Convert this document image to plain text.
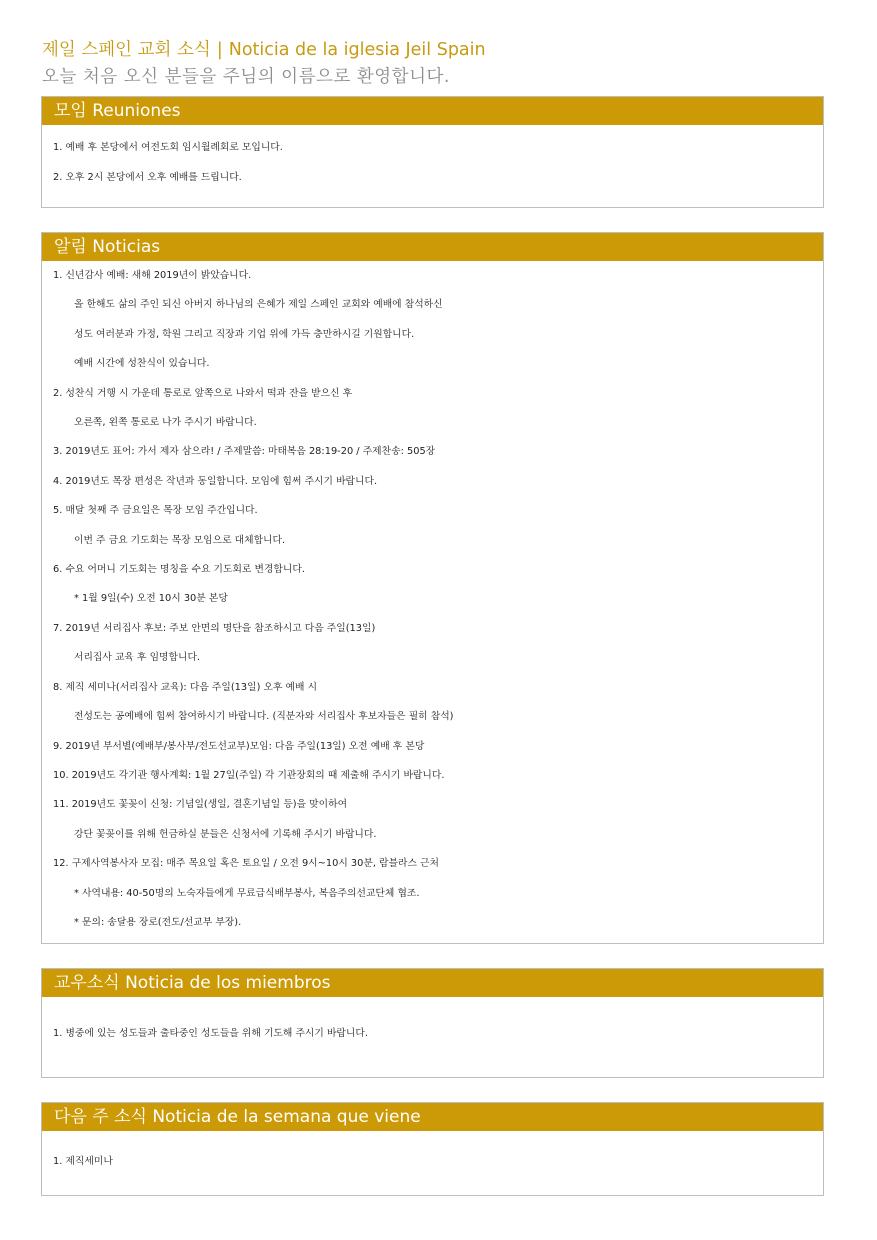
제일 스페인 교회 소식 | Noticia de la iglesia Jeil Spain
오늘 처음 오신 분들을 주님의 이름으로 환영합니다.
모임 Reuniones
1. 예배 후 본당에서 여전도회 임시월례회로 모입니다.
2. 오후 2시 본당에서 오후 예배를 드립니다.
알림 Noticias
1. 신년감사 예배: 새해 2019년이 밝았습니다.
올 한해도 삶의 주인 되신 아버지 하나님의 은혜가 제일 스페인 교회와 예배에 참석하신
성도 여러분과 가정, 학원 그리고 직장과 기업 위에 가득 충만하시길 기원합니다.
예배 시간에 성찬식이 있습니다.
2. 성찬식 거행 시 가운데 통로로 앞쪽으로 나와서 떡과 잔을 받으신 후
오른쪽, 왼쪽 통로로 나가 주시기 바랍니다.
3. 2019년도 표어: 가서 제자 삼으라! / 주제말씀: 마태복음 28:19-20 / 주제찬송: 505장
4. 2019년도 목장 편성은 작년과 동일합니다. 모임에 힘써 주시기 바랍니다.
5. 매달 첫째 주 금요일은 목장 모임 주간입니다.
이번 주 금요 기도회는 목장 모임으로 대체합니다.
6. 수요 어머니 기도회는 명칭을 수요 기도회로 변경합니다.
* 1월 9일(수) 오전 10시 30분 본당
7. 2019년 서리집사 후보: 주보 안면의 명단을 참조하시고 다음 주일(13일)
서리집사 교육 후 임명합니다.
8. 제직 세미나(서리집사 교육): 다음 주일(13일) 오후 예배 시
전성도는 공예배에 힘써 참여하시기 바랍니다. (직분자와 서리집사 후보자들은 필히 참석)
9. 2019년 부서별(예배부/봉사부/전도선교부)모임: 다음 주일(13일) 오전 예배 후 본당
10. 2019년도 각기관 행사계획: 1월 27일(주일) 각 기관장회의 때 제출해 주시기 바랍니다.
11. 2019년도 꽃꽂이 신청: 기념일(생일, 결혼기념일 등)을 맞이하여
강단 꽃꽂이를 위해 헌금하실 분들은 신청서에 기록해 주시기 바랍니다.
12. 구제사역봉사자 모집: 매주 목요일 혹은 토요일 / 오전 9시~10시 30분, 람블라스 근처
* 사역내용: 40-50명의 노숙자들에게 무료급식배부봉사, 복음주의선교단체 협조.
* 문의: 송달용 장로(전도/선교부 부장).
교우소식 Noticia de los miembros
1. 병중에 있는 성도들과 출타중인 성도들을 위해 기도해 주시기 바랍니다.
다음 주 소식 Noticia de la semana que viene
1. 제직세미나
